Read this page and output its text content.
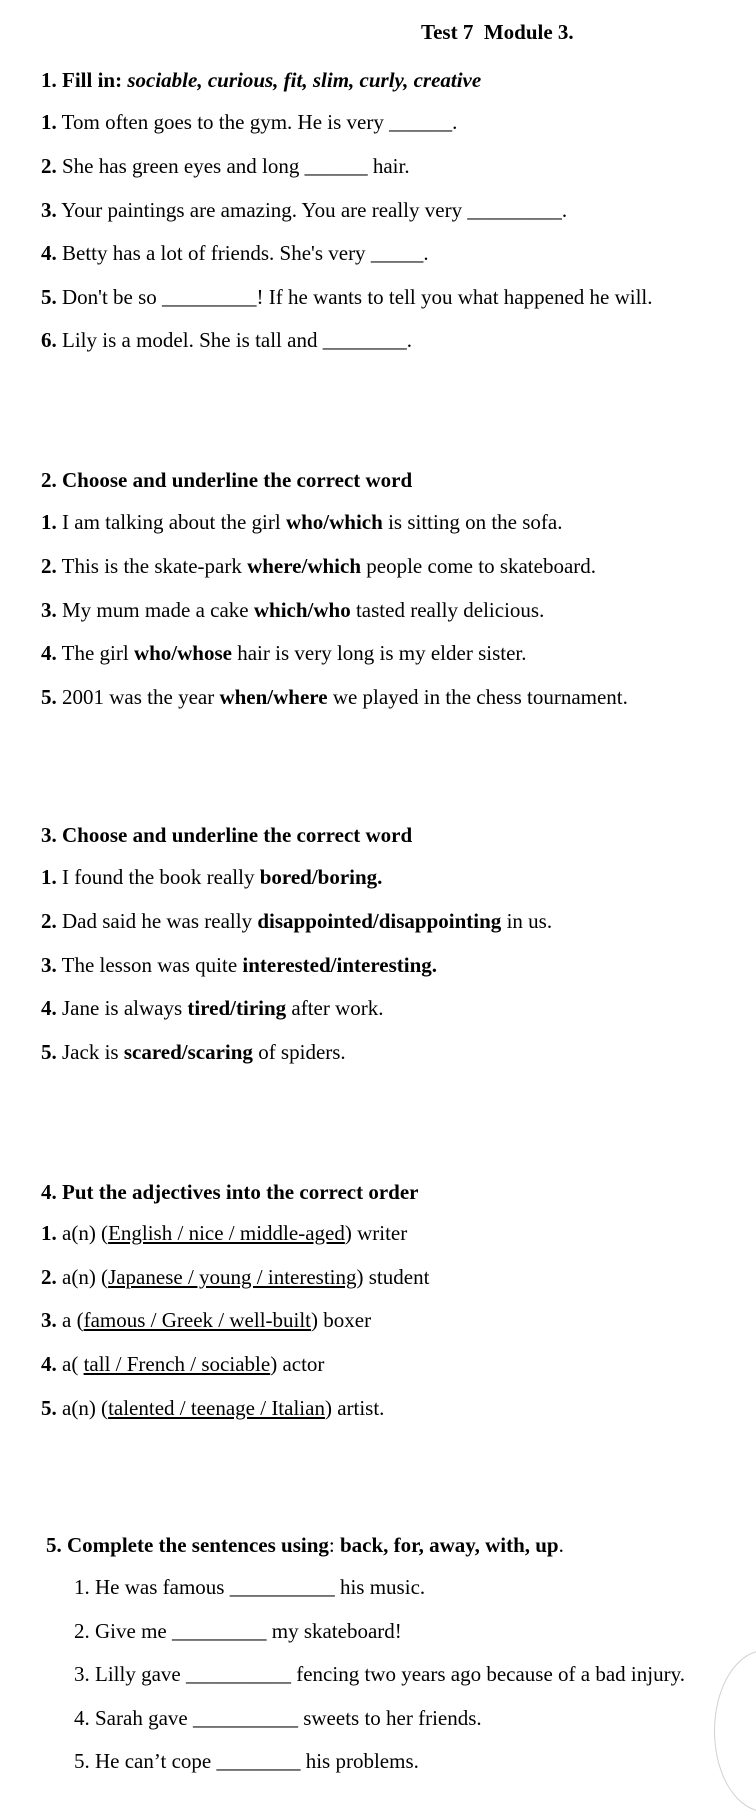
Test 7  Module 3.
1. Fill in: sociable, curious, fit, slim, curly, creative
1. Tom often goes to the gym. He is very ______.
2. She has green eyes and long ______ hair.
3. Your paintings are amazing. You are really very _________.
4. Betty has a lot of friends. She's very _____.
5. Don't be so _________! If he wants to tell you what happened he will.
6. Lily is a model. She is tall and ________.
2. Choose and underline the correct word
1. I am talking about the girl who/which is sitting on the sofa.
2. This is the skate-park where/which people come to skateboard.
3. My mum made a cake which/who tasted really delicious.
4. The girl who/whose hair is very long is my elder sister.
5. 2001 was the year when/where we played in the chess tournament.
3. Choose and underline the correct word
1. I found the book really bored/boring.
2. Dad said he was really disappointed/disappointing in us.
3. The lesson was quite interested/interesting.
4. Jane is always tired/tiring after work.
5. Jack is scared/scaring of spiders.
4. Put the adjectives into the correct order
1. a(n) (English / nice / middle-aged) writer
2. a(n) (Japanese / young / interesting) student
3. a (famous / Greek / well-built) boxer
4. a( tall / French / sociable) actor
5. a(n) (talented / teenage / Italian) artist.
5. Complete the sentences using: back, for, away, with, up.
1. He was famous __________ his music.
2. Give me _________ my skateboard!
3. Lilly gave __________ fencing two years ago because of a bad injury.
4. Sarah gave __________ sweets to her friends.
5. He can’t cope ________ his problems.
